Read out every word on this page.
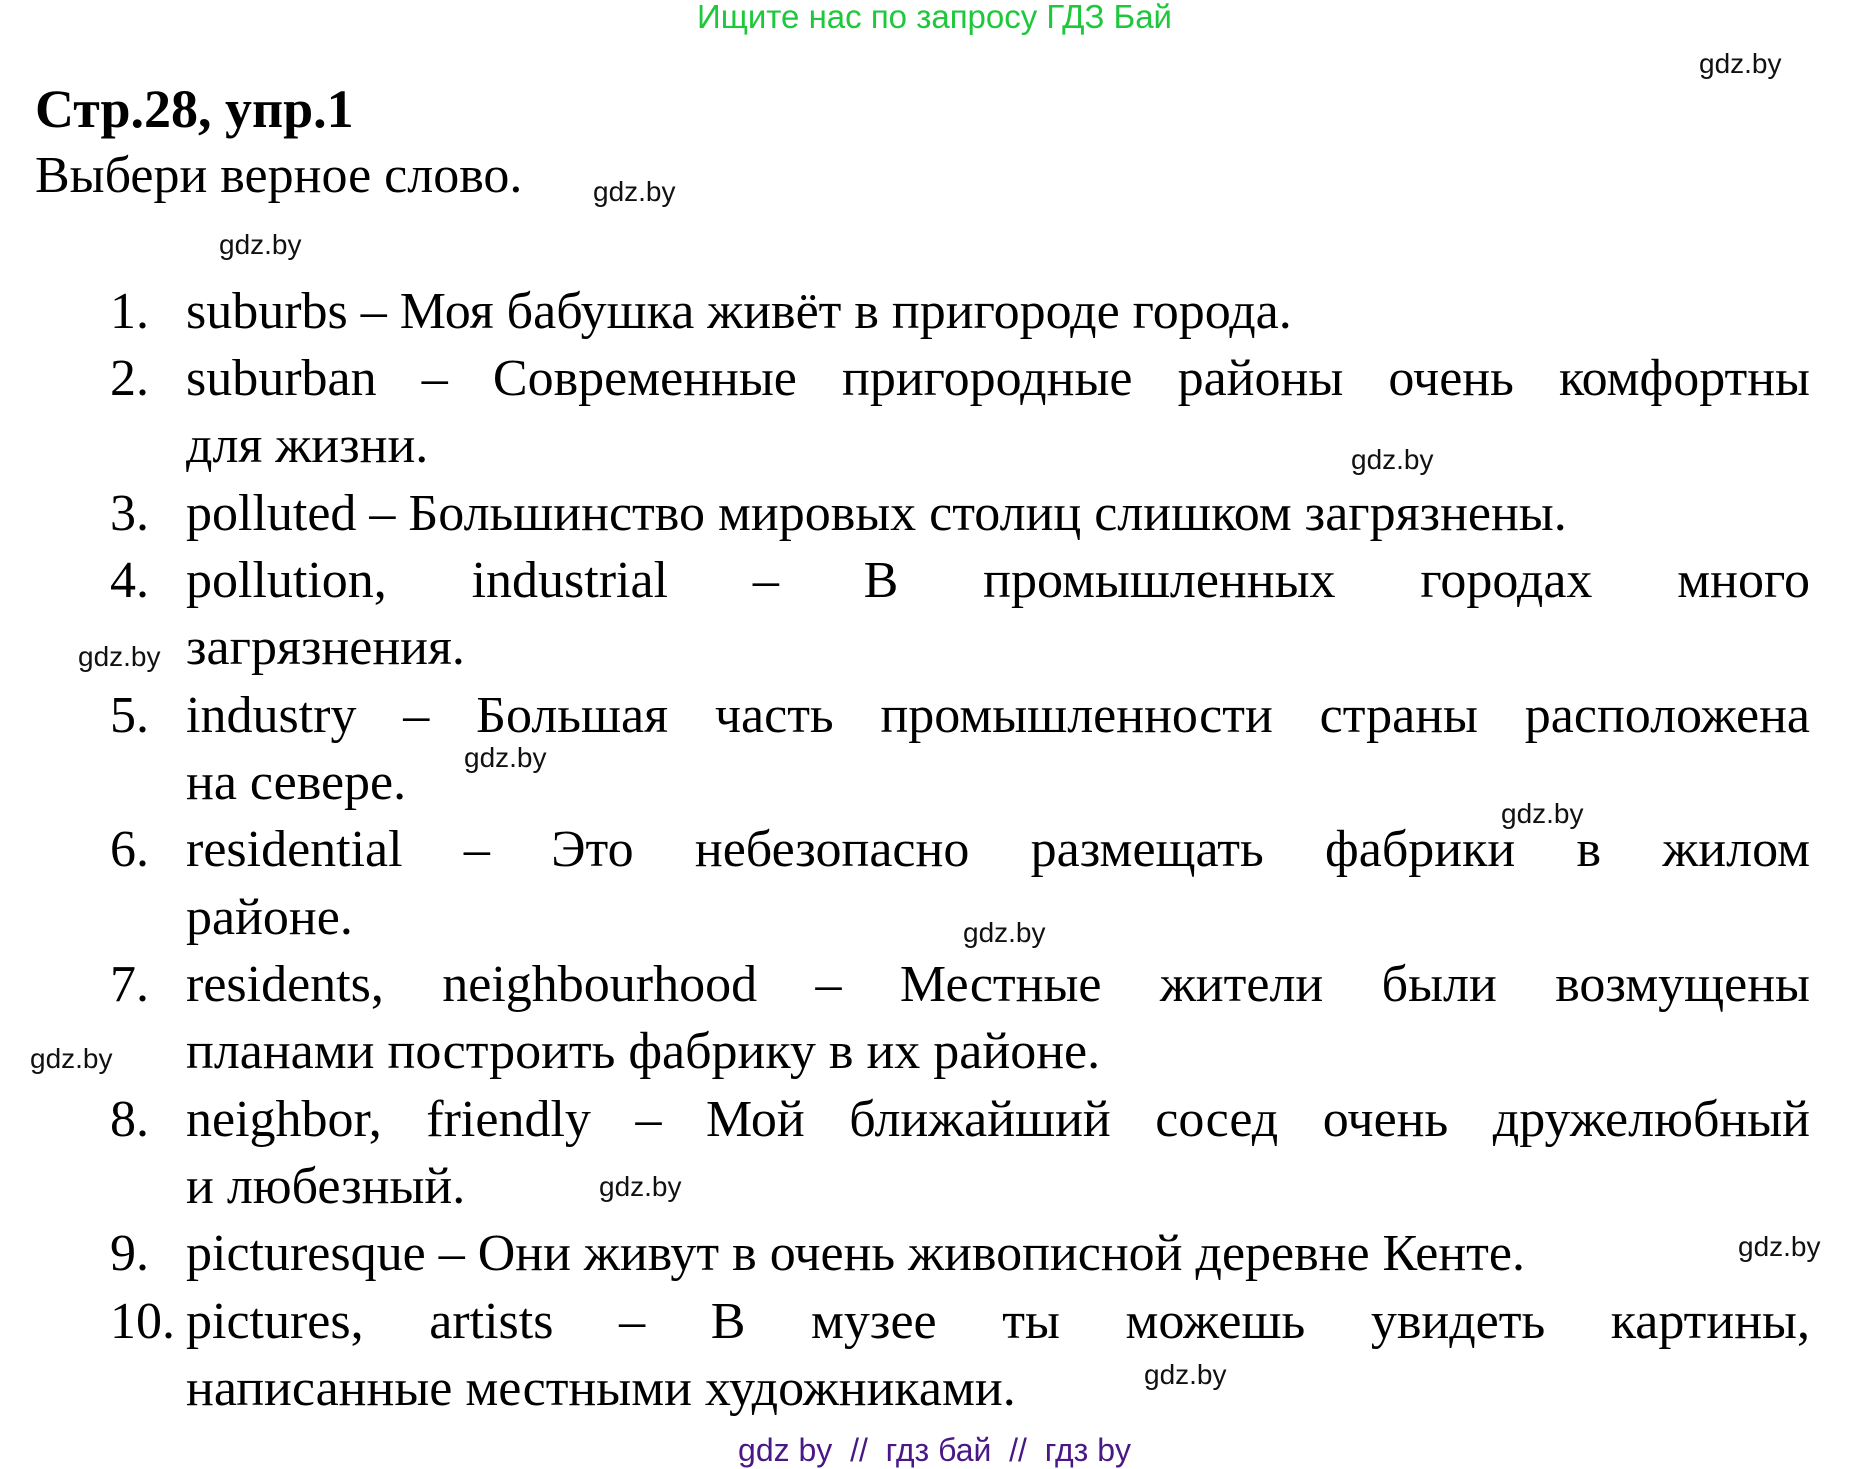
Ищите нас по запросу ГДЗ Бай
gdz.by
Стр.28, упр.1
Выбери верное слово.	gdz.by
gdz.by
1. suburbs – Моя бабушка живёт в пригороде города.
2. suburban – Современные пригородные районы очень комфортны
для жизни.	gdz.by
3. polluted – Большинство мировых столиц слишком загрязнены.
4. pollution, industrial – В промышленных городах много
gdz.by загрязнения.
5. industry – Большая часть промышленности страны расположена
gdz.by
на севере.
gdz.by
6. residential – Это небезопасно размещать фабрики в жилом
районе.	gdz.by
7. residents, neighbourhood – Местные жители были возмущены
gdz.by планами построить фабрику в их районе.
8. neighbor, friendly – Мой ближайший сосед очень дружелюбный
и любезный.	gdz.by
9. picturesque – Они живут в очень живописной деревне Кенте.	gdz.by
10. pictures, artists – В музее ты можешь увидеть картины,
написанные местными художниками.	gdz.by
gdz by  //  гдз бай  //  гдз by
